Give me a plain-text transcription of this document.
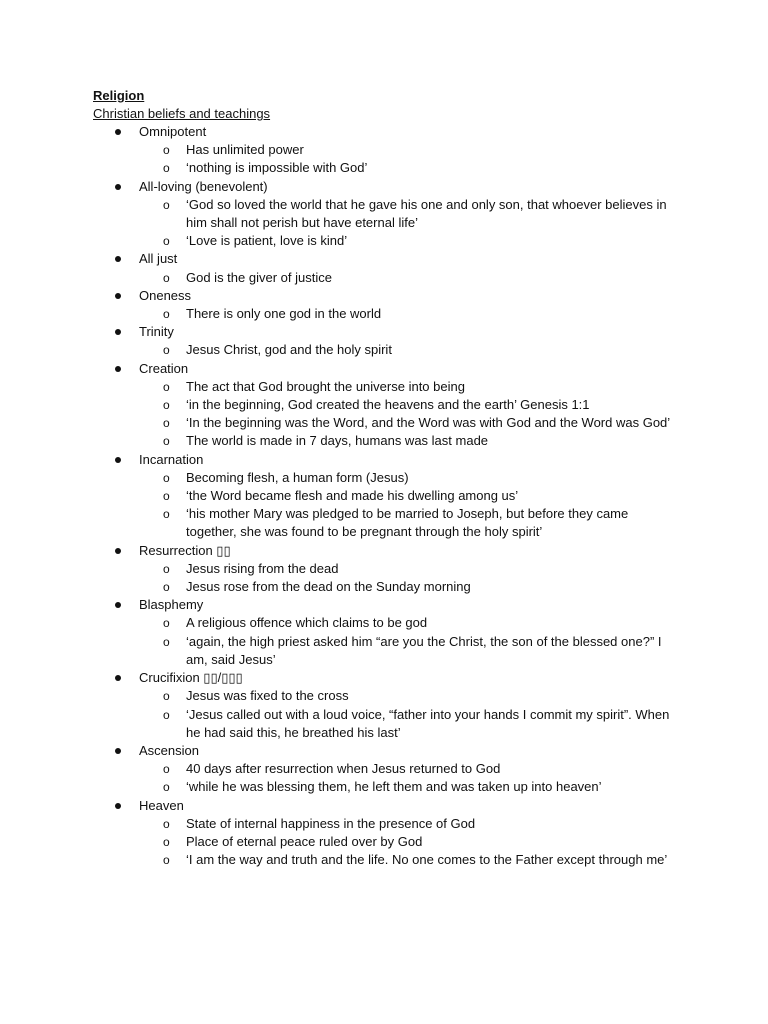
Religion
Christian beliefs and teachings
Omnipotent
o Has unlimited power
o ‘nothing is impossible with God’
All-loving (benevolent)
o ‘God so loved the world that he gave his one and only son, that whoever believes in him shall not perish but have eternal life’
o ‘Love is patient, love is kind’
All just
o God is the giver of justice
Oneness
o There is only one god in the world
Trinity
o Jesus Christ, god and the holy spirit
Creation
o The act that God brought the universe into being
o ‘in the beginning, God created the heavens and the earth’ Genesis 1:1
o ‘In the beginning was the Word, and the Word was with God and the Word was God’
o The world is made in 7 days, humans was last made
Incarnation
o Becoming flesh, a human form (Jesus)
o ‘the Word became flesh and made his dwelling among us’
o ‘his mother Mary was pledged to be married to Joseph, but before they came together, she was found to be pregnant through the holy spirit’
Resurrection ▯▯
o Jesus rising from the dead
o Jesus rose from the dead on the Sunday morning
Blasphemy
o A religious offence which claims to be god
o ‘again, the high priest asked him “are you the Christ, the son of the blessed one?” I am, said Jesus’
Crucifixion ▯▯/▯▯▯
o Jesus was fixed to the cross
o ‘Jesus called out with a loud voice, “father into your hands I commit my spirit”. When he had said this, he breathed his last’
Ascension
o 40 days after resurrection when Jesus returned to God
o ‘while he was blessing them, he left them and was taken up into heaven’
Heaven
o State of internal happiness in the presence of God
o Place of eternal peace ruled over by God
o ‘I am the way and truth and the life. No one comes to the Father except through me’
